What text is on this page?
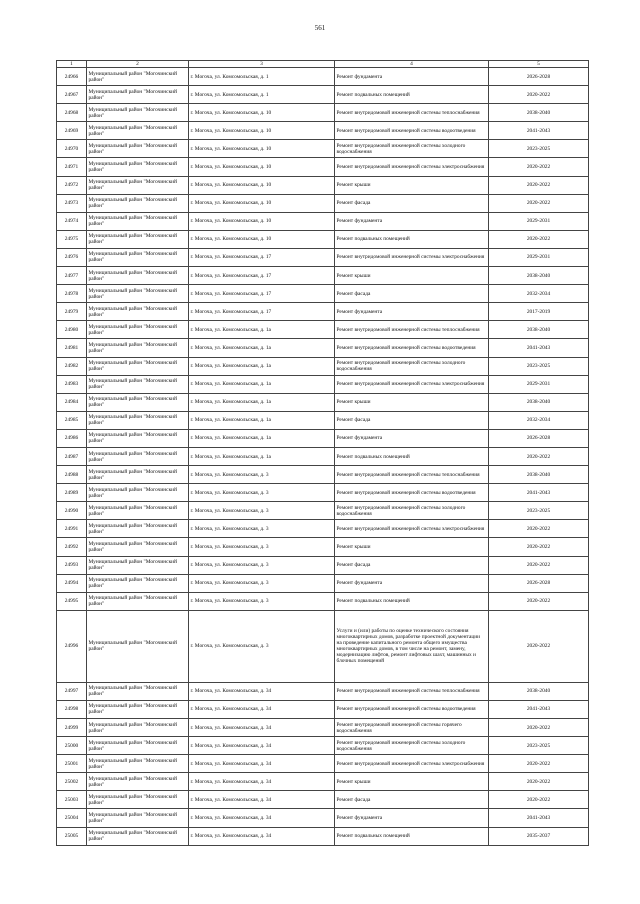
561
1	2	3	4	5
24966	Муниципальный район "Могочинский район"	г. Могоча, ул. Комсомольская, д. 1	Ремонт фундамента	2026-2028
24967	Муниципальный район "Могочинский район"	г. Могоча, ул. Комсомольская, д. 1	Ремонт подвальных помещений	2020-2022
24968	Муниципальный район "Могочинский район"	г. Могоча, ул. Комсомольская, д. 10	Ремонт внутридомовой инженерной системы теплоснабжения	2038-2040
24969	Муниципальный район "Могочинский район"	г. Могоча, ул. Комсомольская, д. 10	Ремонт внутридомовой инженерной системы водоотведения	2041-2043
24970	Муниципальный район "Могочинский район"	г. Могоча, ул. Комсомольская, д. 10	Ремонт внутридомовой инженерной системы холодного водоснабжения	2023-2025
24971	Муниципальный район "Могочинский район"	г. Могоча, ул. Комсомольская, д. 10	Ремонт внутридомовой инженерной системы электроснабжения	2020-2022
24972	Муниципальный район "Могочинский район"	г. Могоча, ул. Комсомольская, д. 10	Ремонт крыши	2020-2022
24973	Муниципальный район "Могочинский район"	г. Могоча, ул. Комсомольская, д. 10	Ремонт фасада	2020-2022
24974	Муниципальный район "Могочинский район"	г. Могоча, ул. Комсомольская, д. 10	Ремонт фундамента	2029-2031
24975	Муниципальный район "Могочинский район"	г. Могоча, ул. Комсомольская, д. 10	Ремонт подвальных помещений	2020-2022
24976	Муниципальный район "Могочинский район"	г. Могоча, ул. Комсомольская, д. 17	Ремонт внутридомовой инженерной системы электроснабжения	2029-2031
24977	Муниципальный район "Могочинский район"	г. Могоча, ул. Комсомольская, д. 17	Ремонт крыши	2038-2040
24978	Муниципальный район "Могочинский район"	г. Могоча, ул. Комсомольская, д. 17	Ремонт фасада	2032-2034
24979	Муниципальный район "Могочинский район"	г. Могоча, ул. Комсомольская, д. 17	Ремонт фундамента	2017-2019
24980	Муниципальный район "Могочинский район"	г. Могоча, ул. Комсомольская, д. 1а	Ремонт внутридомовой инженерной системы теплоснабжения	2038-2040
24981	Муниципальный район "Могочинский район"	г. Могоча, ул. Комсомольская, д. 1а	Ремонт внутридомовой инженерной системы водоотведения	2041-2043
24982	Муниципальный район "Могочинский район"	г. Могоча, ул. Комсомольская, д. 1а	Ремонт внутридомовой инженерной системы холодного водоснабжения	2023-2025
24983	Муниципальный район "Могочинский район"	г. Могоча, ул. Комсомольская, д. 1а	Ремонт внутридомовой инженерной системы электроснабжения	2029-2031
24984	Муниципальный район "Могочинский район"	г. Могоча, ул. Комсомольская, д. 1а	Ремонт крыши	2038-2040
24985	Муниципальный район "Могочинский район"	г. Могоча, ул. Комсомольская, д. 1а	Ремонт фасада	2032-2034
24986	Муниципальный район "Могочинский район"	г. Могоча, ул. Комсомольская, д. 1а	Ремонт фундамента	2026-2028
24987	Муниципальный район "Могочинский район"	г. Могоча, ул. Комсомольская, д. 1а	Ремонт подвальных помещений	2020-2022
24988	Муниципальный район "Могочинский район"	г. Могоча, ул. Комсомольская, д. 3	Ремонт внутридомовой инженерной системы теплоснабжения	2038-2040
24989	Муниципальный район "Могочинский район"	г. Могоча, ул. Комсомольская, д. 3	Ремонт внутридомовой инженерной системы водоотведения	2041-2043
24990	Муниципальный район "Могочинский район"	г. Могоча, ул. Комсомольская, д. 3	Ремонт внутридомовой инженерной системы холодного водоснабжения	2023-2025
24991	Муниципальный район "Могочинский район"	г. Могоча, ул. Комсомольская, д. 3	Ремонт внутридомовой инженерной системы электроснабжения	2020-2022
24992	Муниципальный район "Могочинский район"	г. Могоча, ул. Комсомольская, д. 3	Ремонт крыши	2020-2022
24993	Муниципальный район "Могочинский район"	г. Могоча, ул. Комсомольская, д. 3	Ремонт фасада	2020-2022
24994	Муниципальный район "Могочинский район"	г. Могоча, ул. Комсомольская, д. 3	Ремонт фундамента	2026-2028
24995	Муниципальный район "Могочинский район"	г. Могоча, ул. Комсомольская, д. 3	Ремонт подвальных помещений	2020-2022
24996	Муниципальный район "Могочинский район"	г. Могоча, ул. Комсомольская, д. 3	Услуги и (или) работы по оценке технического состояния многоквартирных домов, разработке проектной документации на проведение капитального ремонта общего имущества многоквартирных домов, в том числе на ремонт, замену, модернизацию лифтов, ремонт лифтовых шахт, машинных и блочных помещений	2020-2022
24997	Муниципальный район "Могочинский район"	г. Могоча, ул. Комсомольская, д. 34	Ремонт внутридомовой инженерной системы теплоснабжения	2038-2040
24998	Муниципальный район "Могочинский район"	г. Могоча, ул. Комсомольская, д. 34	Ремонт внутридомовой инженерной системы водоотведения	2041-2043
24999	Муниципальный район "Могочинский район"	г. Могоча, ул. Комсомольская, д. 34	Ремонт внутридомовой инженерной системы горячего водоснабжения	2020-2022
25000	Муниципальный район "Могочинский район"	г. Могоча, ул. Комсомольская, д. 34	Ремонт внутридомовой инженерной системы холодного водоснабжения	2023-2025
25001	Муниципальный район "Могочинский район"	г. Могоча, ул. Комсомольская, д. 34	Ремонт внутридомовой инженерной системы электроснабжения	2020-2022
25002	Муниципальный район "Могочинский район"	г. Могоча, ул. Комсомольская, д. 34	Ремонт крыши	2020-2022
25003	Муниципальный район "Могочинский район"	г. Могоча, ул. Комсомольская, д. 34	Ремонт фасада	2020-2022
25004	Муниципальный район "Могочинский район"	г. Могоча, ул. Комсомольская, д. 34	Ремонт фундамента	2041-2043
25005	Муниципальный район "Могочинский район"	г. Могоча, ул. Комсомольская, д. 34	Ремонт подвальных помещений	2035-2037
